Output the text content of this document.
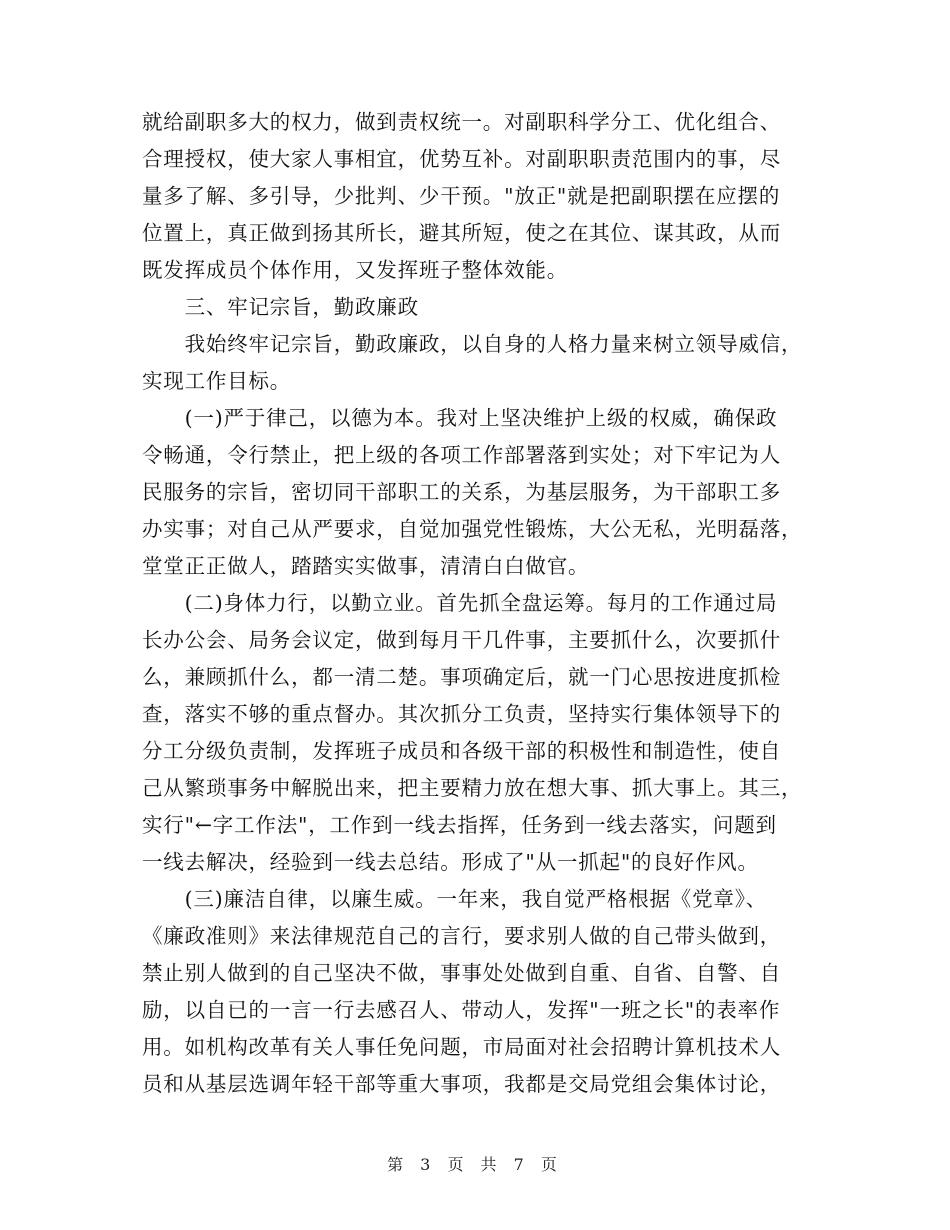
就给副职多大的权力，做到责权统一。对副职科学分工、优化组合、
合理授权，使大家人事相宜，优势互补。对副职职责范围内的事，尽
量多了解、多引导，少批判、少干预。"放正"就是把副职摆在应摆的
位置上，真正做到扬其所长，避其所短，使之在其位、谋其政，从而
既发挥成员个体作用，又发挥班子整体效能。
　　三、牢记宗旨，勤政廉政
　　我始终牢记宗旨，勤政廉政，以自身的人格力量来树立领导威信，
实现工作目标。
　　(一)严于律己，以德为本。我对上坚决维护上级的权威，确保政
令畅通，令行禁止，把上级的各项工作部署落到实处；对下牢记为人
民服务的宗旨，密切同干部职工的关系，为基层服务，为干部职工多
办实事；对自己从严要求，自觉加强党性锻炼，大公无私，光明磊落，
堂堂正正做人，踏踏实实做事，清清白白做官。
　　(二)身体力行，以勤立业。首先抓全盘运筹。每月的工作通过局
长办公会、局务会议定，做到每月干几件事，主要抓什么，次要抓什
么，兼顾抓什么，都一清二楚。事项确定后，就一门心思按进度抓检
查，落实不够的重点督办。其次抓分工负责，坚持实行集体领导下的
分工分级负责制，发挥班子成员和各级干部的积极性和制造性，使自
己从繁琐事务中解脱出来，把主要精力放在想大事、抓大事上。其三，
实行"←字工作法"，工作到一线去指挥，任务到一线去落实，问题到
一线去解决，经验到一线去总结。形成了"从一抓起"的良好作风。
　　(三)廉洁自律，以廉生威。一年来，我自觉严格根据《党章》、
《廉政准则》来法律规范自己的言行，要求别人做的自己带头做到，
禁止别人做到的自己坚决不做，事事处处做到自重、自省、自警、自
励，以自已的一言一行去感召人、带动人，发挥"一班之长"的表率作
用。如机构改革有关人事任免问题，市局面对社会招聘计算机技术人
员和从基层选调年轻干部等重大事项，我都是交局党组会集体讨论，
第 3 页 共 7 页
